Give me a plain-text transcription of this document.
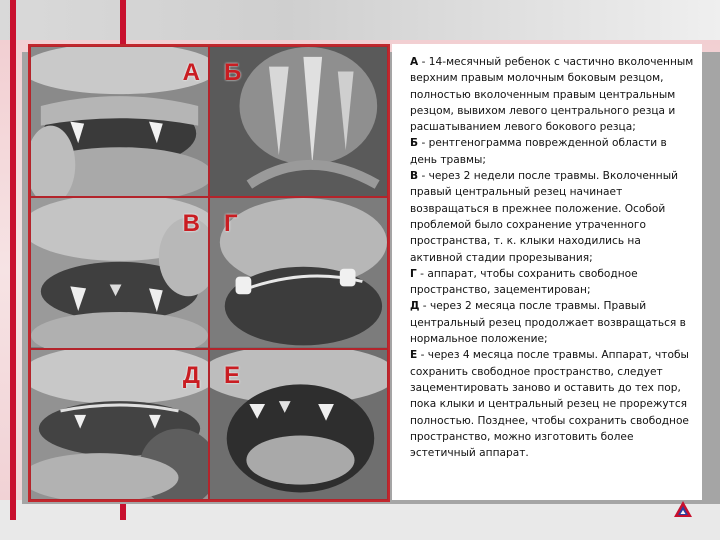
А Б
В Г
Д Е
А - 14-месячный ребенок с частично вколоченным верхним правым молочным боковым резцом, полностью вколоченным правым центральным резцом, вывихом левого центрального резца и расшатыванием левого бокового резца;
Б - рентгенограмма поврежденной области в день травмы;
В - через 2 недели после травмы. Вколоченный правый центральный резец начинает возвращаться в прежнее положение. Особой проблемой было сохранение утраченного пространства, т. к. клыки находились на активной стадии прорезывания;
Г - аппарат, чтобы сохранить свободное пространство, зацементирован;
Д - через 2 месяца после травмы. Правый центральный резец продолжает возвращаться в нормальное положение;
Е - через 4 месяца после травмы. Аппарат, чтобы сохранить свободное пространство, следует зацементировать заново и оставить до тех пор, пока клыки и центральный резец не прорежутся полностью. Позднее, чтобы сохранить свободное пространство, можно изготовить более эстетичный аппарат.
